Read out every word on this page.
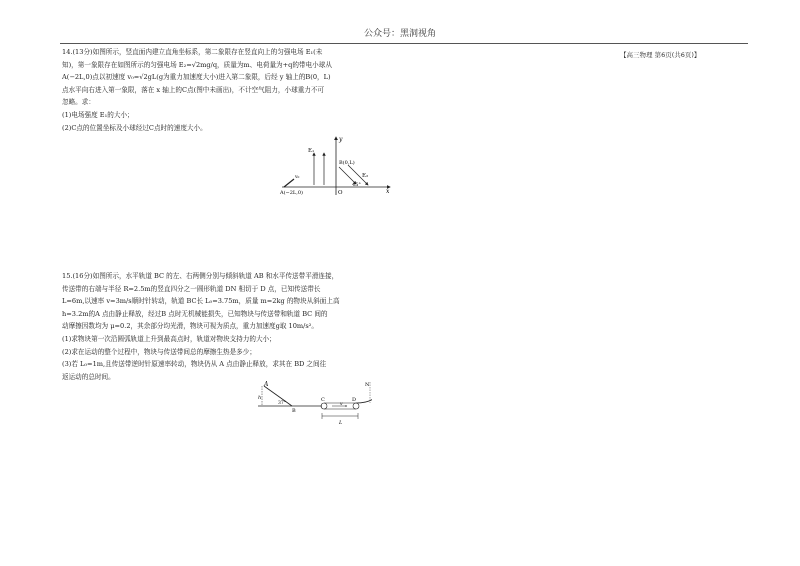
公众号：黑洞视角
【高三物理 第6页(共6页)】

14.(13分)如图所示，竖直面内建立直角坐标系，第二象限存在竖直向上的匀强电场 E₁(未

知)，第一象限存在如图所示的匀强电场 E₂=√2mg/q，质量为m、电荷量为+q的带电小球从

A(−2L,0)点以初速度 v₀=√2gL(g为重力加速度大小)进入第二象限，后经 y 轴上的B(0，L)

点水平向右进入第一象限，落在 x 轴上的C点(图中未画出)，不计空气阻力，小球重力不可

忽略。求：

(1)电场强度 E₁的大小；

(2)C点的位置坐标及小球经过C点时的速度大小。

E₁
y
x
B(0,L)
E₂
45°
v₀
A(−2L,0)	O

15.(16分)如图所示，水平轨道 BC 的左、右两侧分别与倾斜轨道 AB 和水平传送带平滑连接，

传送带的右端与半径 R=2.5m的竖直四分之一圆形轨道 DN 相切于 D 点，已知传送带长

L=6m,以速率 v=3m/s顺时针转动，轨道 BC长 L₀=3.75m，质量 m=2kg 的物块从斜面上高

h=3.2m的A 点由静止释放，经过B 点时无机械能损失，已知物块与传送带和轨道 BC 间的

动摩擦因数均为 μ=0.2，其余部分均光滑，物块可视为质点，重力加速度g取 10m/s²。

(1)求物块第一次沿圆弧轨道上升到最高点时，轨道对物块支持力的大小；

(2)求在运动的整个过程中，物块与传送带间总的摩擦生热是多少；

(3)若 L₀=1m,且传送带逆时针原速率转动，物块仍从 A 点由静止释放，求其在 BD 之间往

返运动的总时间。

A
h
37°
B
C	D
v
L
N
